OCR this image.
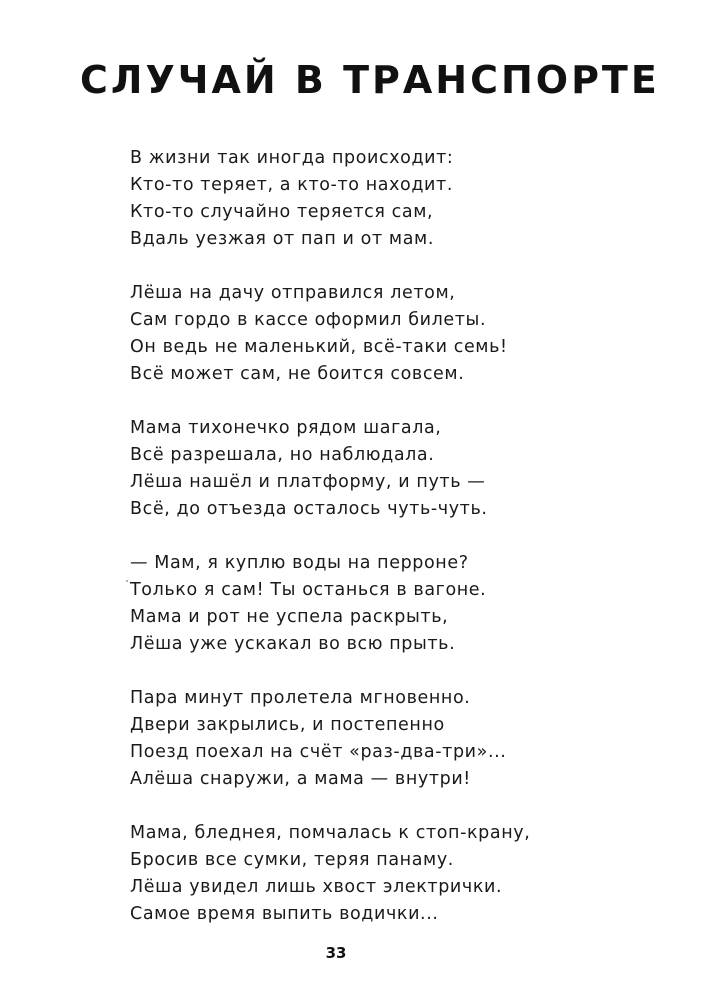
СЛУЧАЙ В ТРАНСПОРТЕ
В жизни так иногда происходит:
Кто-то теряет, а кто-то находит.
Кто-то случайно теряется сам,
Вдаль уезжая от пап и от мам.
Лёша на дачу отправился летом,
Сам гордо в кассе оформил билеты.
Он ведь не маленький, всё-таки семь!
Всё может сам, не боится совсем.
Мама тихонечко рядом шагала,
Всё разрешала, но наблюдала.
Лёша нашёл и платформу, и путь —
Всё, до отъезда осталось чуть-чуть.
— Мам, я куплю воды на перроне?
Только я сам! Ты останься в вагоне.
Мама и рот не успела раскрыть,
Лёша уже ускакал во всю прыть.
Пара минут пролетела мгновенно.
Двери закрылись, и постепенно
Поезд поехал на счёт «раз-два-три»...
Алёша снаружи, а мама — внутри!
Мама, бледнея, помчалась к стоп-крану,
Бросив все сумки, теряя панаму.
Лёша увидел лишь хвост электрички.
Самое время выпить водички...
33
